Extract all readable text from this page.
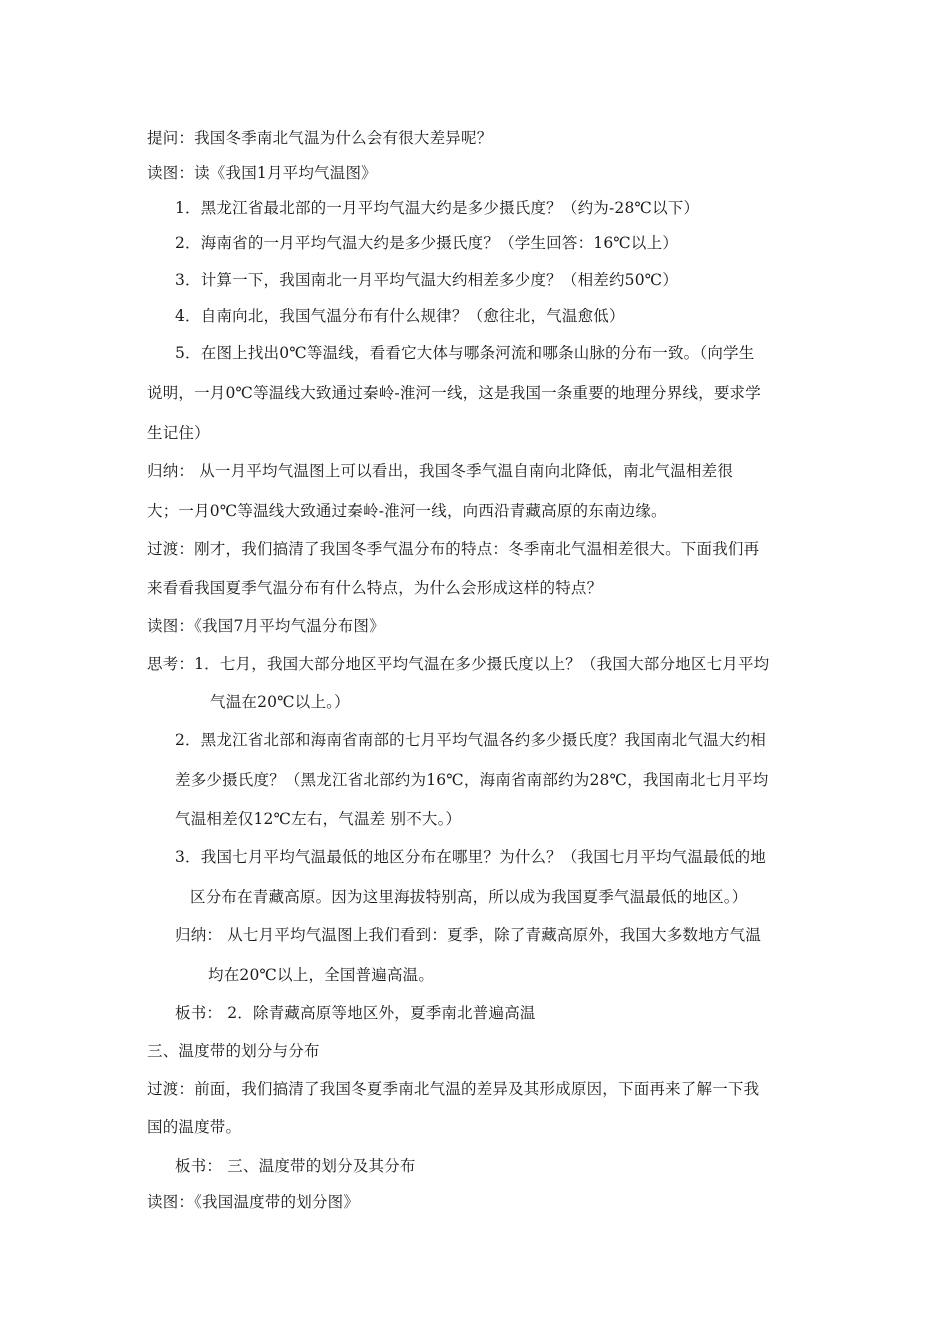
提问：我国冬季南北气温为什么会有很大差异呢？
读图：读《我国1月平均气温图》
1．黑龙江省最北部的一月平均气温大约是多少摄氏度？（约为-28℃以下）
2．海南省的一月平均气温大约是多少摄氏度？（学生回答：16℃以上）
3．计算一下，我国南北一月平均气温大约相差多少度？（相差约50℃）
4．自南向北，我国气温分布有什么规律？（愈往北，气温愈低）
5．在图上找出0℃等温线，看看它大体与哪条河流和哪条山脉的分布一致。（向学生
说明，一月0℃等温线大致通过秦岭-淮河一线，这是我国一条重要的地理分界线，要求学
生记住）
归纳： 从一月平均气温图上可以看出，我国冬季气温自南向北降低，南北气温相差很
大；一月0℃等温线大致通过秦岭-淮河一线，向西沿青藏高原的东南边缘。
过渡：刚才，我们搞清了我国冬季气温分布的特点：冬季南北气温相差很大。下面我们再
来看看我国夏季气温分布有什么特点，为什么会形成这样的特点？
读图：《我国7月平均气温分布图》
思考：1．七月，我国大部分地区平均气温在多少摄氏度以上？（我国大部分地区七月平均
气温在20℃以上。）
2．黑龙江省北部和海南省南部的七月平均气温各约多少摄氏度？我国南北气温大约相
差多少摄氏度？（黑龙江省北部约为16℃，海南省南部约为28℃，我国南北七月平均
气温相差仅12℃左右，气温差 别不大。）
3．我国七月平均气温最低的地区分布在哪里？为什么？（我国七月平均气温最低的地
区分布在青藏高原。因为这里海拔特别高，所以成为我国夏季气温最低的地区。）
归纳： 从七月平均气温图上我们看到：夏季，除了青藏高原外，我国大多数地方气温
均在20℃以上，全国普遍高温。
板书： 2．除青藏高原等地区外，夏季南北普遍高温
三、温度带的划分与分布
过渡：前面，我们搞清了我国冬夏季南北气温的差异及其形成原因，下面再来了解一下我
国的温度带。
板书： 三、温度带的划分及其分布
读图：《我国温度带的划分图》
